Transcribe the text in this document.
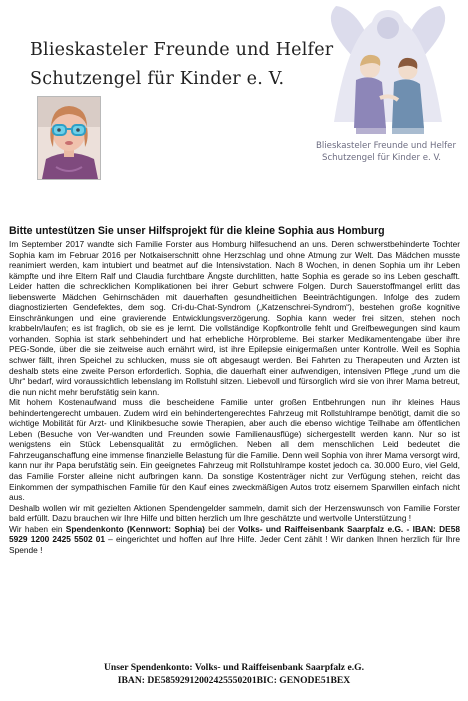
Blieskasteler Freunde und Helfer
Schutzengel für Kinder e. V.
Blieskasteler Freunde und Helfer
Schutzengel für Kinder e. V.
Bitte untestützen Sie unser Hilfsprojekt für die kleine Sophia aus Homburg

Im September 2017 wandte sich Familie Forster aus Homburg hilfesuchend an uns. Deren schwerstbehinderte Tochter Sophia kam im Februar 2016 per Notkaiserschnitt ohne Herzschlag und ohne Atmung zur Welt. Das Mädchen musste reanimiert werden, kam intubiert und beatmet auf die Intensivstation. Nach 8 Wochen, in denen Sophia um ihr Leben kämpfte und ihre Eltern Ralf und Claudia furchtbare Ängste durchlitten, hatte Sophia es gerade so ins Leben geschafft. Leider hatten die schrecklichen Komplikationen bei ihrer Geburt schwere Folgen. Durch Sauerstoffmangel erlitt das liebenswerte Mädchen Gehirnschäden mit dauerhaften gesundheitlichen Beeinträchtigungen. Infolge des zudem diagnostizierten Gendefektes, dem sog. Cri-du-Chat-Syndrom („Katzenschrei-Syndrom“), bestehen große kognitive Einschränkungen und eine gravierende Entwicklungsverzögerung. Sophia kann weder frei sitzen, stehen noch krabbeln/laufen; es ist fraglich, ob sie es je lernt. Die vollständige Kopfkontrolle fehlt und Greifbewegungen sind kaum vorhanden. Sophia ist stark sehbehindert und hat erhebliche Hörprobleme. Bei starker Medikamentengabe über ihre PEG-Sonde, über die sie zeitweise auch ernährt wird, ist ihre Epilepsie einigermaßen unter Kontrolle. Weil es Sophia schwer fällt, ihren Speichel zu schlucken, muss sie oft abgesaugt werden. Bei Fahrten zu Therapeuten und Ärzten ist deshalb stets eine zweite Person erforderlich. Sophia, die dauerhaft einer aufwendigen, intensiven Pflege „rund um die Uhr“ bedarf, wird voraussichtlich lebenslang im Rollstuhl sitzen. Liebevoll und fürsorglich wird sie von ihrer Mama betreut, die nun nicht mehr berufstätig sein kann.

Mit hohem Kostenaufwand muss die bescheidene Familie unter großen Entbehrungen nun ihr kleines Haus behindertengerecht umbauen. Zudem wird ein behindertengerechtes Fahrzeug mit Rollstuhlrampe benötigt, damit die so wichtige Mobilität für Arzt- und Klinikbesuche sowie Therapien, aber auch die ebenso wichtige Teilhabe am öffentlichen Leben (Besuche von Ver-wandten und Freunden sowie Familienausflüge) sichergestellt werden kann. Nur so ist wenigstens ein Stück Lebensqualität zu ermöglichen. Neben all dem menschlichen Leid bedeutet die Fahrzeuganschaffung eine immense finanzielle Belastung für die Familie. Denn weil Sophia von ihrer Mama versorgt wird, kann nur ihr Papa berufstätig sein. Ein geeignetes Fahrzeug mit Rollstuhlrampe kostet jedoch ca. 30.000 Euro, viel Geld, das Familie Forster alleine nicht aufbringen kann. Da sonstige Kostenträger nicht zur Verfügung stehen, reicht das Einkommen der sympathischen Familie für den Kauf eines zweckmäßigen Autos trotz eisernem Sparwillen einfach nicht aus.

Deshalb wollen wir mit gezielten Aktionen Spendengelder sammeln, damit sich der Herzenswunsch von Familie Forster bald erfüllt. Dazu brauchen wir Ihre Hilfe und bitten herzlich um Ihre geschätzte und wertvolle Unterstützung !

Wir haben ein Spendenkonto (Kennwort: Sophia) bei der Volks- und Raiffeisenbank Saarpfalz e.G. - IBAN: DE58 5929 1200 2425 5502 01 – eingerichtet und hoffen auf Ihre Hilfe. Jeder Cent zählt ! Wir danken Ihnen herzlich für Ihre Spende !

Unser Spendenkonto: Volks- und Raiffeisenbank Saarpfalz e.G.
IBAN: DE58592912002425550201BIC: GENODE51BEX
